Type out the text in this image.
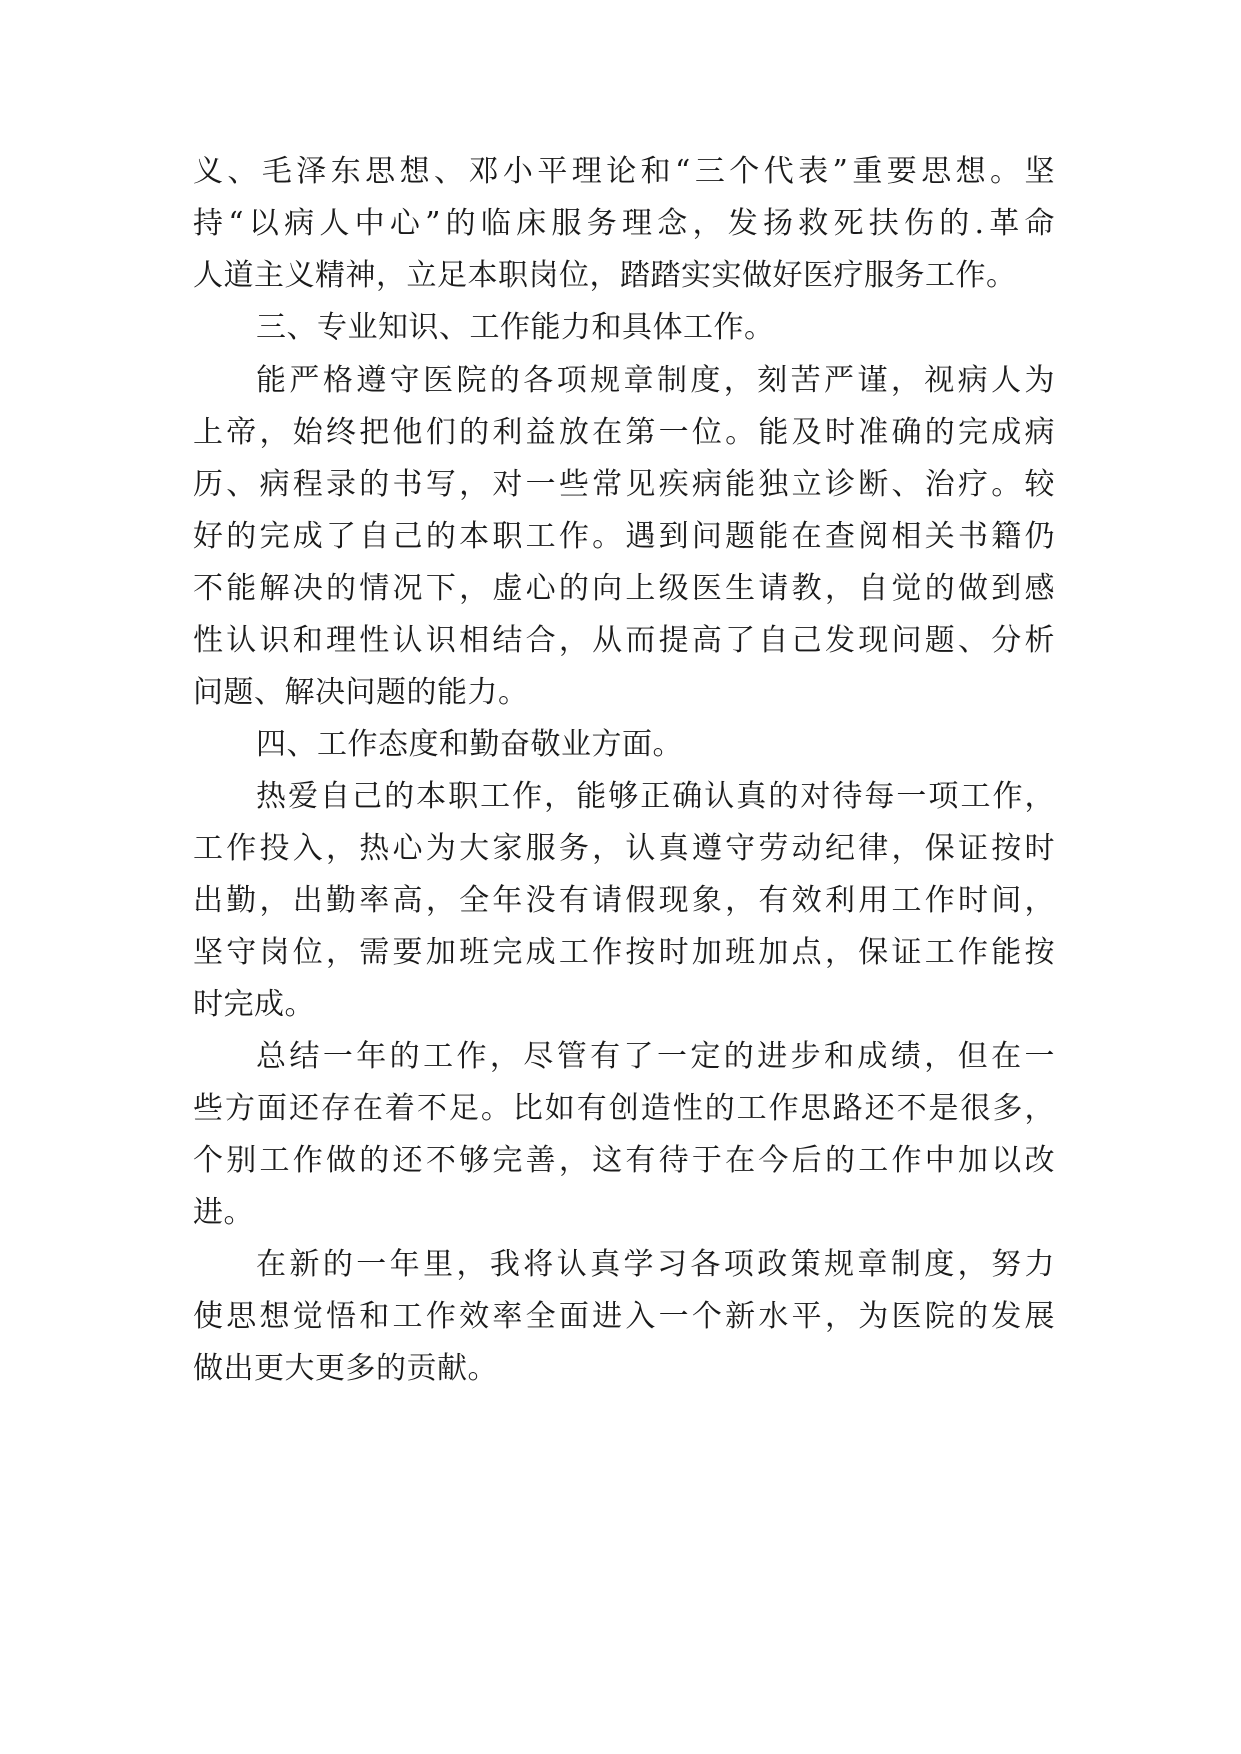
义、毛泽东思想、邓小平理论和“三个代表”重要思想。坚
持“以病人中心”的临床服务理念，发扬救死扶伤的.革命
人道主义精神，立足本职岗位，踏踏实实做好医疗服务工作。
三、专业知识、工作能力和具体工作。
能严格遵守医院的各项规章制度，刻苦严谨，视病人为
上帝，始终把他们的利益放在第一位。能及时准确的完成病
历、病程录的书写，对一些常见疾病能独立诊断、治疗。较
好的完成了自己的本职工作。遇到问题能在查阅相关书籍仍
不能解决的情况下，虚心的向上级医生请教，自觉的做到感
性认识和理性认识相结合，从而提高了自己发现问题、分析
问题、解决问题的能力。
四、工作态度和勤奋敬业方面。
热爱自己的本职工作，能够正确认真的对待每一项工作，
工作投入，热心为大家服务，认真遵守劳动纪律，保证按时
出勤，出勤率高，全年没有请假现象，有效利用工作时间，
坚守岗位，需要加班完成工作按时加班加点，保证工作能按
时完成。
总结一年的工作，尽管有了一定的进步和成绩，但在一
些方面还存在着不足。比如有创造性的工作思路还不是很多，
个别工作做的还不够完善，这有待于在今后的工作中加以改
进。
在新的一年里，我将认真学习各项政策规章制度，努力
使思想觉悟和工作效率全面进入一个新水平，为医院的发展
做出更大更多的贡献。
